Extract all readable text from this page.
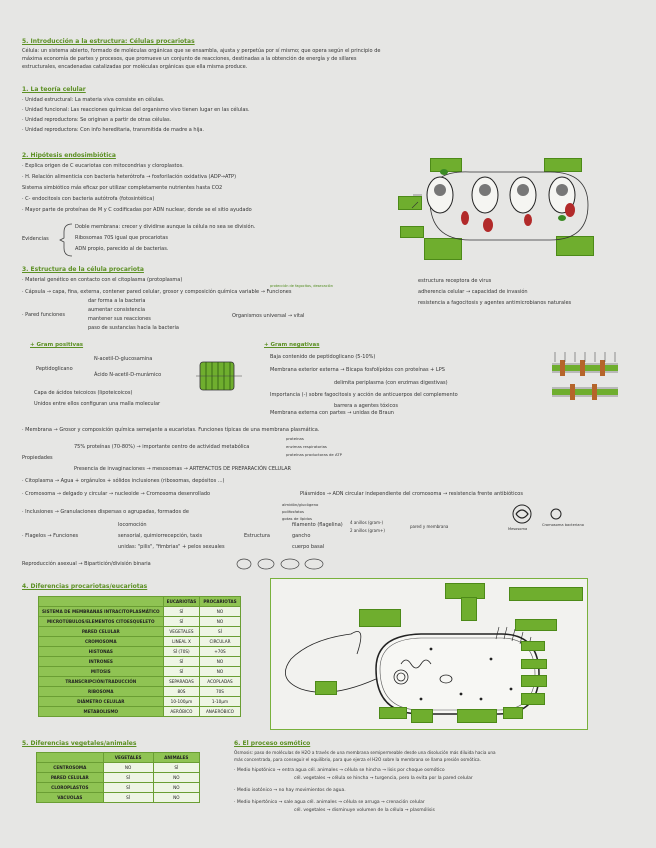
5. Introducción a la estructura: Células procariotas
Célula: un sistema abierto, formado de moléculas orgánicas que se ensambla, ajusta y perpetúa por sí mismo; que opera según el principio de
máxima economía de partes y procesos, que promueve un conjunto de reacciones, destinadas a la obtención de energía y de sillares
estructurales, encadenadas catalizadas por moléculas orgánicas que ella misma produce.
1. La teoría celular
· Unidad estructural: La materia viva consiste en células.
· Unidad funcional: Las reacciones químicas del organismo vivo tienen lugar en las células.
· Unidad reproductora: Se originan a partir de otras células.
· Unidad reproductora: Con info hereditaria, transmitida de madre a hija.
2. Hipótesis endosimbiótica
· Explica origen de C eucariotas con mitocondrias y cloroplastos.
· H. Relación alimenticia con bacteria heterótrofa → fosforilación oxidativa (ADP→ATP)
Sistema simbiótico más eficaz por utilizar completamente nutrientes hasta CO2
· C- endocitosis con bacteria autótrofa (fotosintética)
· Mayor parte de proteínas de M y C codificadas por ADN nuclear, donde se el sitio ayudado
Evidencias
Doble membrana: crecer y dividirse aunque la célula no sea se división.
Ribosomas 70S igual que procariotas
ADN propio, parecido al de bacterias.
3. Estructura de la célula procariota
· Material genético en contacto con el citoplasma (protoplasma)
· Cápsula → capa, fina, externa, contener pared celular, grosor y composición química variable → Funciones
protección de fagocitos, desecación
estructura receptora de virus
adherencia celular → capacidad de invasión
resistencia a fagocitosis y agentes antimicrobianos naturales
· Pared funciones
dar forma a la bacteria
aumentar consistencia
mantener sus reacciones
paso de sustancias hacia la bacteria
Organismos universal → vital
+ Gram positivas
N-acetil-D-glucosamina
Ácido N-acetil-D-murámico
Peptidoglicano
Capa de ácidos teicoicos (lipoteicoicos)
Unidos entre ellos configuran una malla molecular
+ Gram negativas
Baja contenido de peptidoglicano (5-10%)
Membrana exterior externa → Bicapa fosfolípidos con proteínas + LPS
delimita periplasma (con enzimas digestivas)
Importancia (-) sobre fagocitosis y acción de anticuerpos del complemento
barrera a agentes tóxicos
Membrana externa con partes → unidas de Braun
· Membrana → Grosor y composición química semejante a eucariotas. Funciones típicas de una membrana plasmática.
Propiedades
75% proteínas (70-80%) → importante centro de actividad metabólica
proteínas
enzimas respiratorias
proteínas productoras de ATP
Presencia de invaginaciones → mesosomas → ARTEFACTOS DE PREPARACIÓN CELULAR
· Citoplasma → Agua + orgánulos + sólidos inclusiones (ribosomas, depósitos ...)
· Cromosoma → delgado y circular → nucleoide → Cromosoma desenrollado	Plásmidos → ADN circular independiente del cromosoma → resistencia frente antibióticos
· Inclusiones → Granulaciones dispersas o agrupadas, formados de
almidón/glucógeno
polifosfatos
gotas de lípidos
· Flagelos → Funciones
locomoción
sensorial, quimiorrecepción, taxis
unidas: "pilis", "fimbrias" + pelos sexuales
Estructura
filamento (flagelina)
gancho
cuerpo basal
4 anillos (gram-)
2 anillos (gram+)
pared y membrana
Reproducción asexual → Bipartición/división binaria
Mesosoma
Cromosoma bacteriano
4. Diferencias procariotas/eucariotas
	EUCARIOTAS	PROCARIOTAS
SISTEMA DE MEMBRANAS INTRACITOPLASMÁTICO	SÍ	NO
MICROTÚBULOS/ELEMENTOS CITOESQUELETO	SÍ	NO
PARED CELULAR	VEGETALES	SÍ
CROMOSOMA	LINEAL X	CIRCULAR
HISTONAS	SÍ (70S)	+70S
INTRONES	SÍ	NO
MITOSIS	SÍ	NO
TRANSCRIPCIÓN/TRADUCCIÓN	SEPARADAS	ACOPLADAS
RIBOSOMA	80S	70S
DIÁMETRO CELULAR	10-100μm	1-10μm
METABOLISMO	AERÓBICO	ANAERÓBICO
5. Diferencias vegetales/animales
	VEGETALES	ANIMALES
CENTROSOMA	NO	SÍ
PARED CELULAR	SÍ	NO
CLOROPLASTOS	SÍ	NO
VACUOLAS	SÍ	NO
6. El proceso osmótico
Ósmosis: paso de moléculas de H2O a través de una membrana semipermeable desde una disolución más diluida hacia una
más concentrada, para conseguir el equilibrio, para que ejerza el H2O sobre la membrana se llama presión osmótica.
· Medio hipotónico → entra agua cél. animales → célula se hincha → lisis por choque osmótico
cél. vegetales → célula se hincha → turgencia, pero la evita por la pared celular
· Medio isotónico → no hay movimientos de agua.
· Medio hipertónico → sale agua cél. animales → célula se arruga → crenación celular
cél. vegetales → disminuye volumen de la célula → plasmólisis
